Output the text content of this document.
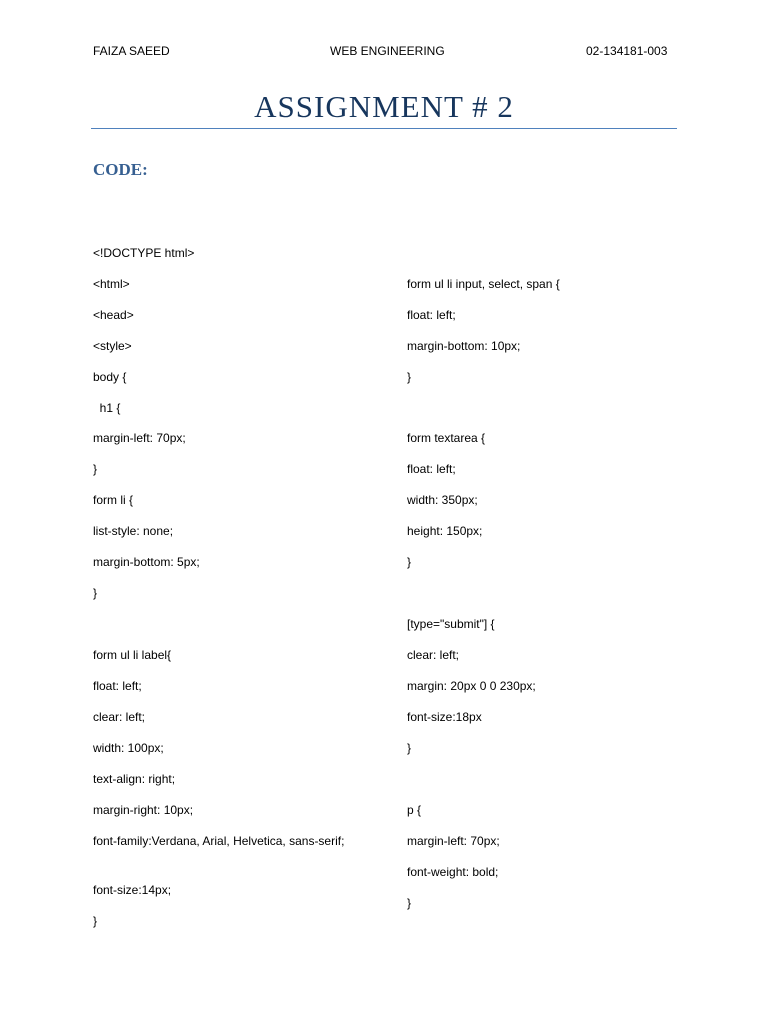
FAIZA SAEED	WEB ENGINEERING	02-134181-003
ASSIGNMENT # 2
CODE:
<!DOCTYPE html>
<html>
<head>
<style>
body {
h1 {
margin-left: 70px;
}
form li {
list-style: none;
margin-bottom: 5px;
}
form ul li label{
float: left;
clear: left;
width: 100px;
text-align: right;
margin-right: 10px;
font-family:Verdana, Arial, Helvetica, sans-serif;
font-size:14px;
}
form ul li input, select, span {
float: left;
margin-bottom: 10px;
}
form textarea {
float: left;
width: 350px;
height: 150px;
}
[type="submit"] {
clear: left;
margin: 20px 0 0 230px;
font-size:18px
}
p {
margin-left: 70px;
font-weight: bold;
}
